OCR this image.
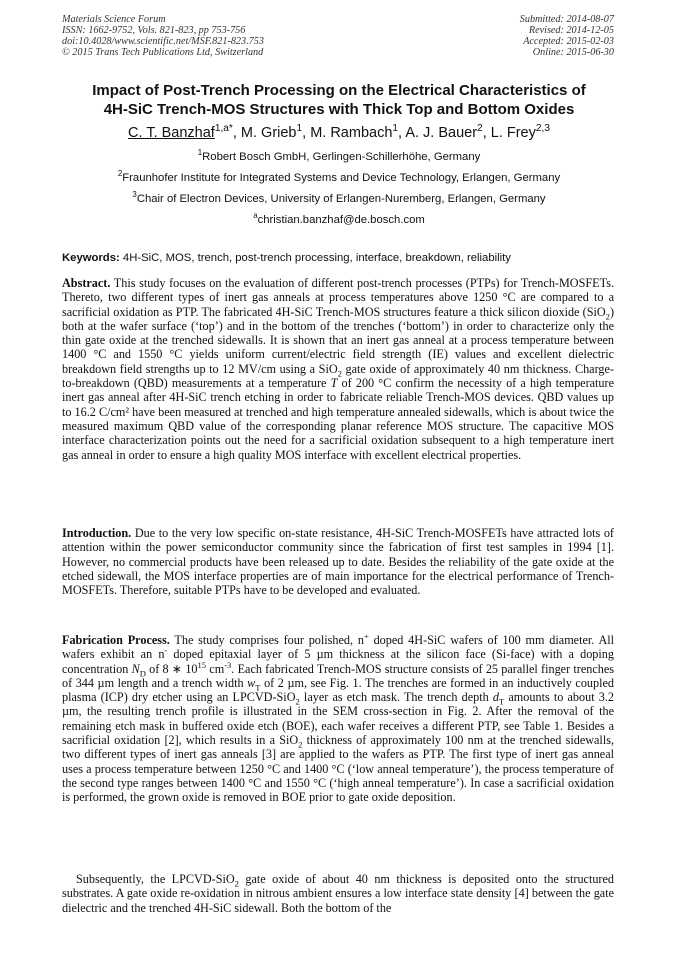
Materials Science Forum
ISSN: 1662-9752, Vols. 821-823, pp 753-756
doi:10.4028/www.scientific.net/MSF.821-823.753
© 2015 Trans Tech Publications Ltd, Switzerland
Submitted: 2014-08-07
Revised: 2014-12-05
Accepted: 2015-02-03
Online: 2015-06-30
Impact of Post-Trench Processing on the Electrical Characteristics of
4H-SiC Trench-MOS Structures with Thick Top and Bottom Oxides
C. T. Banzhaf$^{1,a*}$, M. Grieb$^1$, M. Rambach$^1$, A. J. Bauer$^2$, L. Frey$^{2,3}$
$^1$Robert Bosch GmbH, Gerlingen-Schillerhöhe, Germany
$^2$Fraunhofer Institute for Integrated Systems and Device Technology, Erlangen, Germany
$^3$Chair of Electron Devices, University of Erlangen-Nuremberg, Erlangen, Germany
$^a$christian.banzhaf@de.bosch.com
Keywords: 4H-SiC, MOS, trench, post-trench processing, interface, breakdown, reliability
Abstract. This study focuses on the evaluation of different post-trench processes (PTPs) for Trench-MOSFETs. Thereto, two different types of inert gas anneals at process temperatures above 1250 °C are compared to a sacrificial oxidation as PTP. The fabricated 4H-SiC Trench-MOS structures feature a thick silicon dioxide (SiO$_2$) both at the wafer surface (‘top’) and in the bottom of the trenches (‘bottom’) in order to characterize only the thin gate oxide at the trenched sidewalls. It is shown that an inert gas anneal at a process temperature between 1400 °C and 1550 °C yields uniform current/electric field strength (IE) values and excellent dielectric breakdown field strengths up to 12 MV/cm using a SiO$_2$ gate oxide of approximately 40 nm thickness. Charge-to-breakdown (QBD) measurements at a temperature T of 200 °C confirm the necessity of a high temperature inert gas anneal after 4H-SiC trench etching in order to fabricate reliable Trench-MOS devices. QBD values up to 16.2 C/cm² have been measured at trenched and high temperature annealed sidewalls, which is about twice the measured maximum QBD value of the corresponding planar reference MOS structure. The capacitive MOS interface characterization points out the need for a sacrificial oxidation subsequent to a high temperature inert gas anneal in order to ensure a high quality MOS interface with excellent electrical properties.
Introduction. Due to the very low specific on-state resistance, 4H-SiC Trench-MOSFETs have attracted lots of attention within the power semiconductor community since the fabrication of first test samples in 1994 [1]. However, no commercial products have been released up to date. Besides the reliability of the gate oxide at the etched sidewall, the MOS interface properties are of main importance for the electrical performance of Trench-MOSFETs. Therefore, suitable PTPs have to be developed and evaluated.
Fabrication Process. The study comprises four polished, n+ doped 4H-SiC wafers of 100 mm diameter. All wafers exhibit an n- doped epitaxial layer of 5 µm thickness at the silicon face (Si-face) with a doping concentration $N_D$ of 8 ∗ $10^{15}$ $cm^{-3}$. Each fabricated Trench-MOS structure consists of 25 parallel finger trenches of 344 µm length and a trench width $w_T$ of 2 µm, see Fig. 1. The trenches are formed in an inductively coupled plasma (ICP) dry etcher using an LPCVD-SiO$_2$ layer as etch mask. The trench depth $d_T$ amounts to about 3.2 µm, the resulting trench profile is illustrated in the SEM cross-section in Fig. 2. After the removal of the remaining etch mask in buffered oxide etch (BOE), each wafer receives a different PTP, see Table 1. Besides a sacrificial oxidation [2], which results in a SiO$_2$ thickness of approximately 100 nm at the trenched sidewalls, two different types of inert gas anneals [3] are applied to the wafers as PTP. The first type of inert gas anneal uses a process temperature between 1250 °C and 1400 °C (‘low anneal temperature’), the process temperature of the second type ranges between 1400 °C and 1550 °C (‘high anneal temperature’). In case a sacrificial oxidation is performed, the grown oxide is removed in BOE prior to gate oxide deposition.
Subsequently, the LPCVD-SiO$_2$ gate oxide of about 40 nm thickness is deposited onto the structured substrates. A gate oxide re-oxidation in nitrous ambient ensures a low interface state density [4] between the gate dielectric and the trenched 4H-SiC sidewall. Both the bottom of the
